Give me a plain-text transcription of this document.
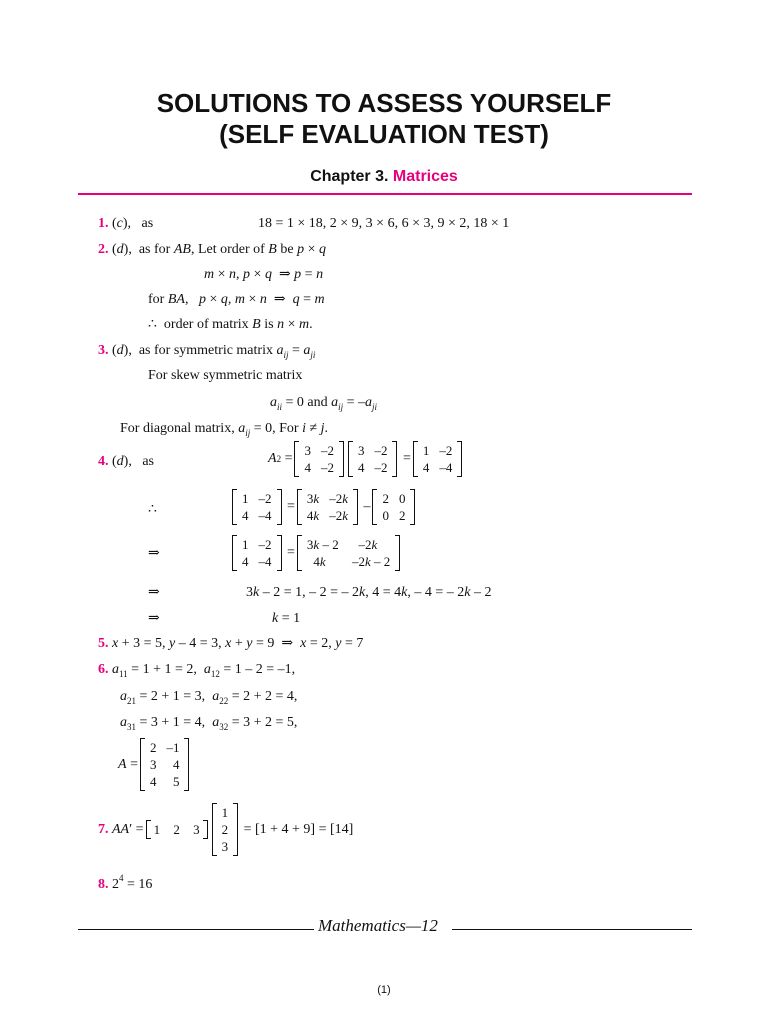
SOLUTIONS TO ASSESS YOURSELF
(SELF EVALUATION TEST)
Chapter 3. Matrices
1. (c),   as	18 = 1 × 18, 2 × 9, 3 × 6, 6 × 3, 9 × 2, 18 × 1
2. (d),  as for AB, Let order of B be p × q
m × n, p × q  ⇒ p = n
for BA,   p × q, m × n  ⇒  q = m
∴  order of matrix B is n × m.
3. (d),  as for symmetric matrix $a_{ij} = a_{ji}$
For skew symmetric matrix
$a_{ii} = 0$ and $a_{ij} = -a_{ji}$
For diagonal matrix, $a_{ij} = 0$, For i ≠ j.
4. (d),   as	A 2 =
3	–2
4	–2
3	–2
4	–2
=
1	–2
4	–4
∴
1	–2
4	–4
=
3k	–2k
4k	–2k
–
2	0
0	2
⇒
1	–2
4	–4
=
3k – 2	–2k
4k	–2k – 2
⇒	3k – 2 = 1, – 2 = – 2k, 4 = 4k, – 4 = – 2k – 2
⇒	k = 1
5. x + 3 = 5, y – 4 = 3, x + y = 9  ⇒  x = 2, y = 7
6. $a_{11} = 1 + 1 = 2$,  $a_{12} = 1 - 2 = -1$,
$a_{21} = 2 + 1 = 3$,  $a_{22} = 2 + 2 = 4$,
$a_{31} = 3 + 1 = 4$,  $a_{32} = 3 + 2 = 5$,
A =
2	–1
3	4
4	5
7.
AA ′ = 1	2	3
1
2
3
= [1 + 4 + 9] = [14]
8. $2^4 = 16$
Mathematics—12
(1)
